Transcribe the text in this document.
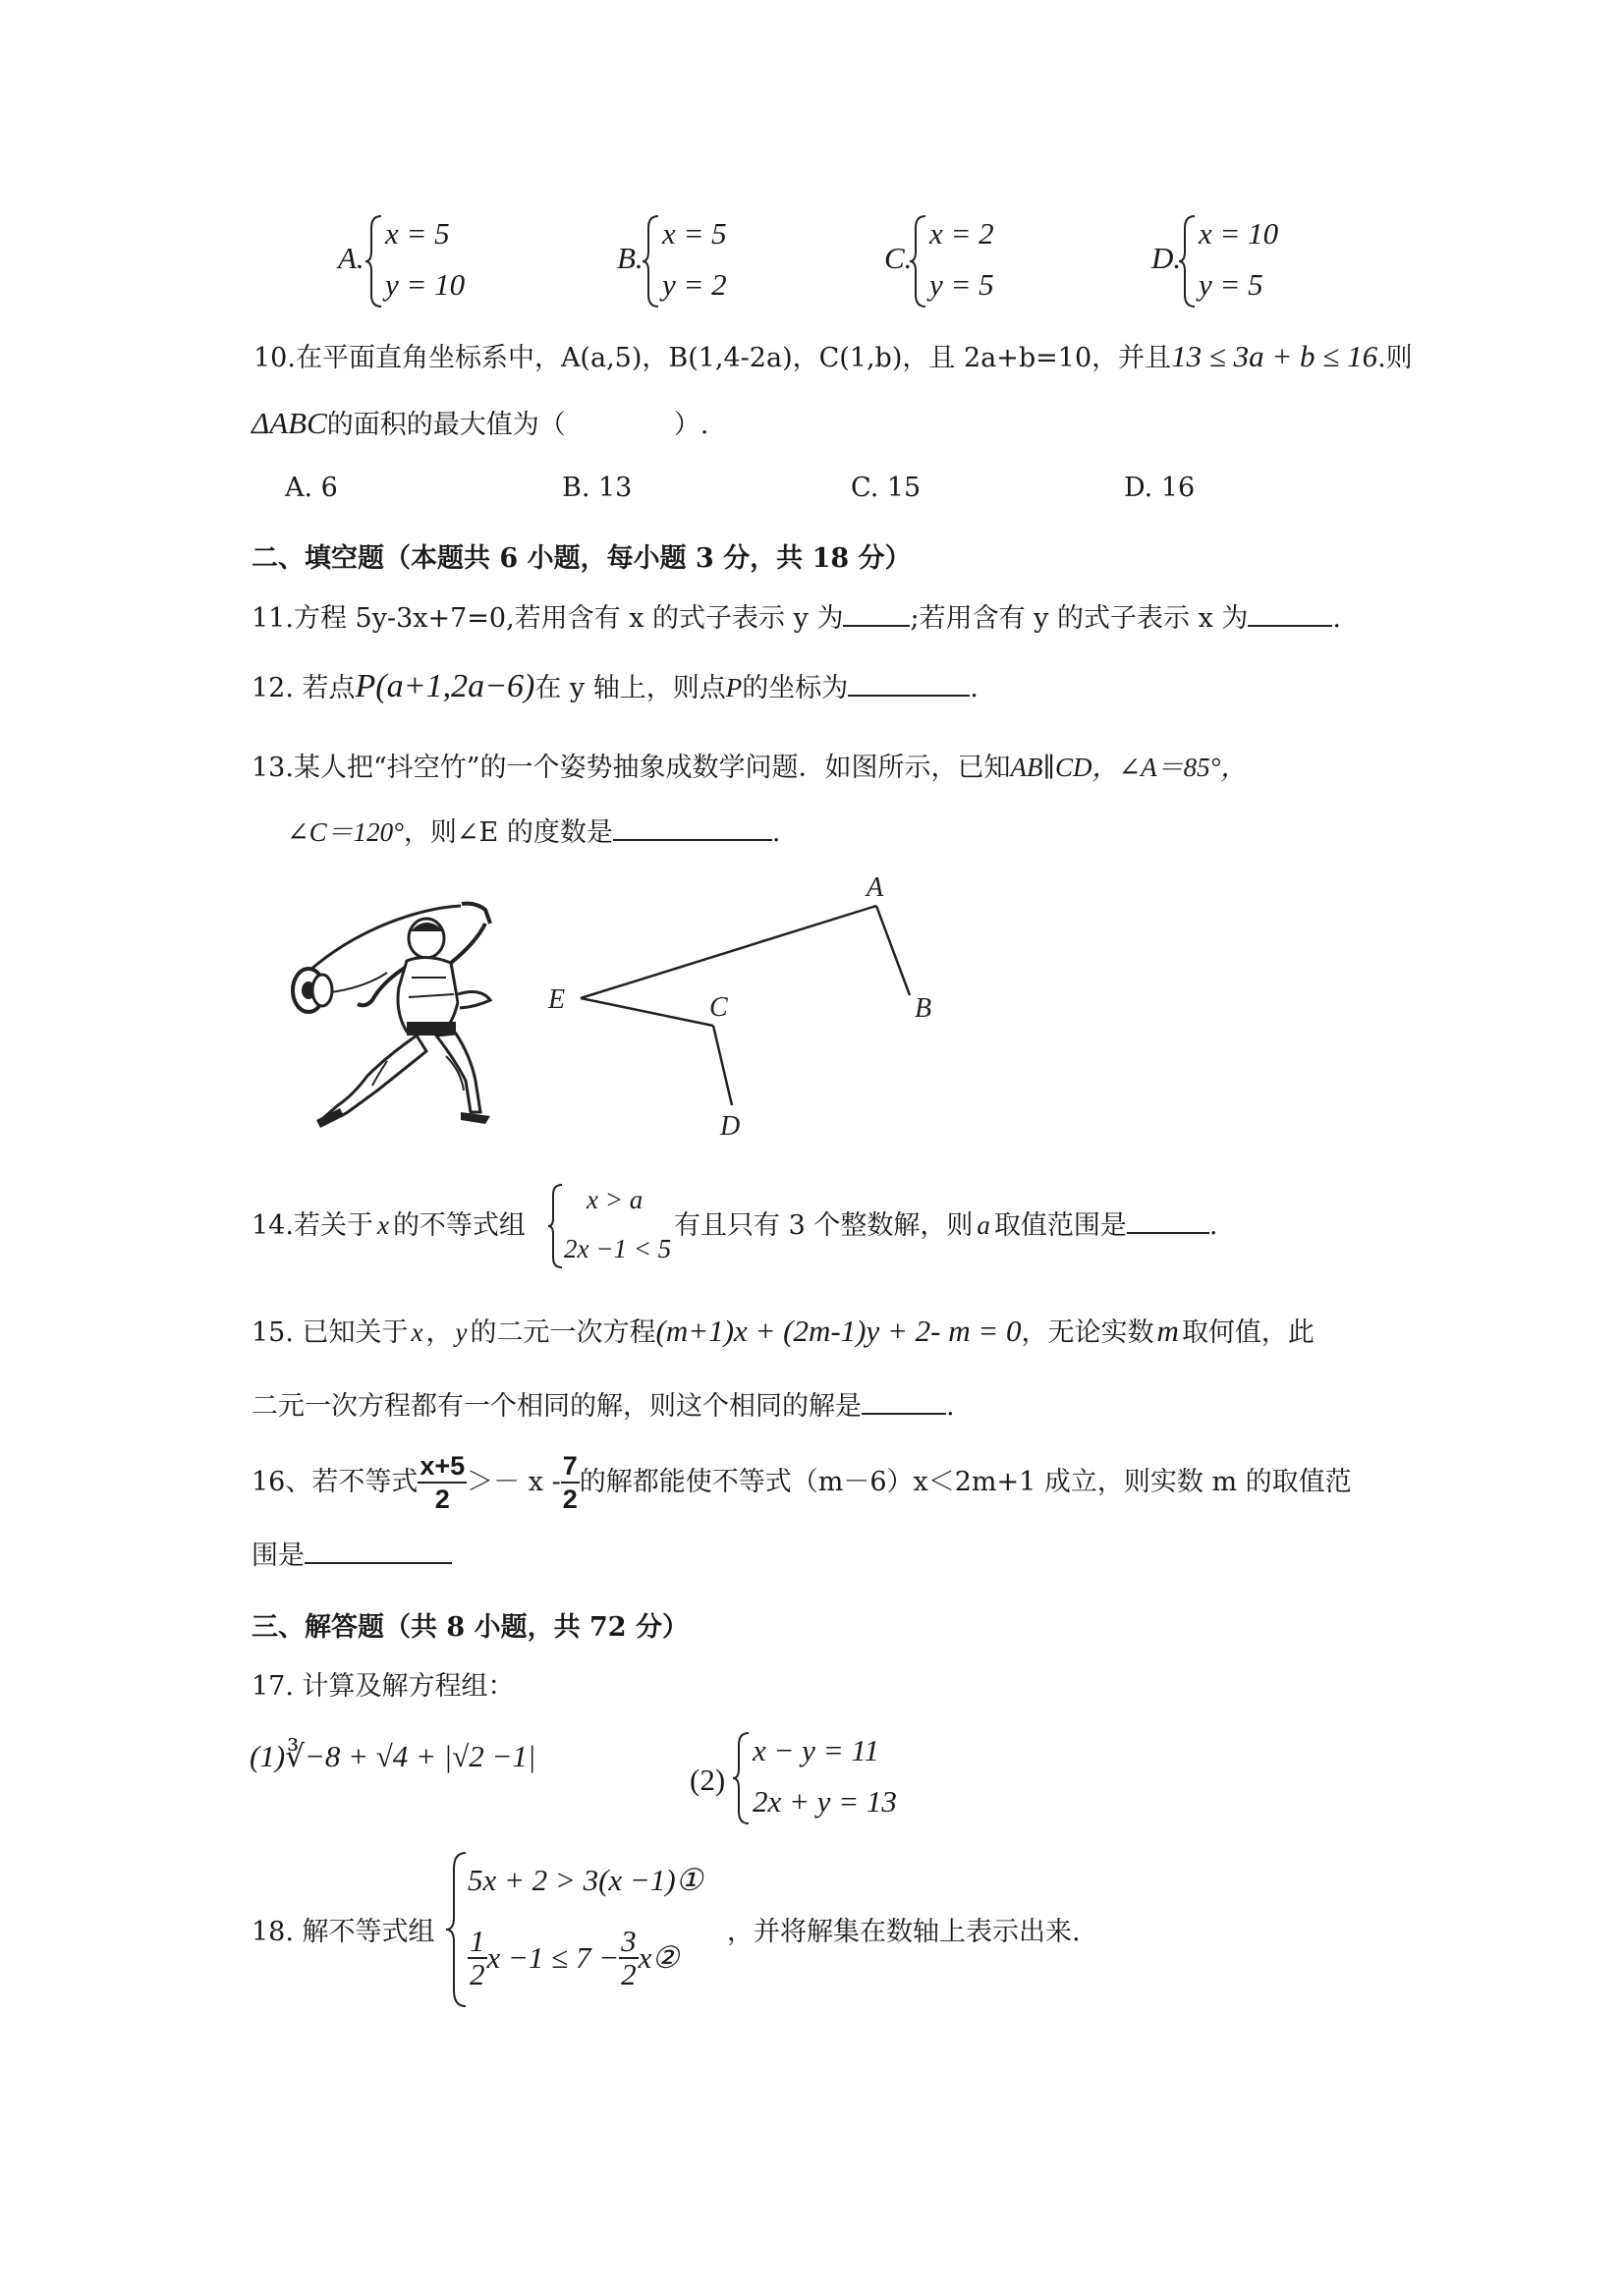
A.
x = 5
y = 10
B.
x = 5
y = 2
C.
x = 2
y = 5
D.
x = 10
y = 5
10.在平面直角坐标系中，A(a,5)，B(1,4-2a)，C(1,b)，且 2a+b=10，并且13 ≤ 3a + b ≤ 16.则
ΔABC的面积的最大值为（	）.
A. 6	B. 13	C. 15	D. 16
二、填空题（本题共 6 小题，每小题 3 分，共 18 分）
11.方程 5y-3x+7=0,若用含有 x 的式子表示 y 为	;若用含有 y 的式子表示 x 为	.
12. 若点P(a+1,2a−6)在 y 轴上，则点P的坐标为	.
13.某人把“抖空竹”的一个姿势抽象成数学问题．如图所示，已知AB∥CD，∠A＝85°，
∠C＝120°，则∠E 的度数是	.
A
B
C
D
E
14.若关于 x 的不等式组
x > a
2x −1 < 5
有且只有 3 个整数解，则 a 取值范围是	.
15. 已知关于 x ， y 的二元一次方程(m+1)x + (2m-1)y + 2- m = 0，无论实数m 取何值，此
二元一次方程都有一个相同的解，则这个相同的解是	.
16、若不等式 $\frac{x+5}{2} >- x - \frac{7}{2}$ 的解都能使不等式（m－6）x＜2m+1 成立，则实数 m 的取值范
围是
三、解答题（共 8 小题，共 72 分）
17. 计算及解方程组：
(1)∛−8 + √4 + |√2 −1|
(2)
x − y = 11
2x + y = 13
18. 解不等式组
5x + 2 > 3(x −1)①
$\frac{1}{2}$ $x -1 \le 7 - \frac{3}{2}$ x②
，并将解集在数轴上表示出来.
